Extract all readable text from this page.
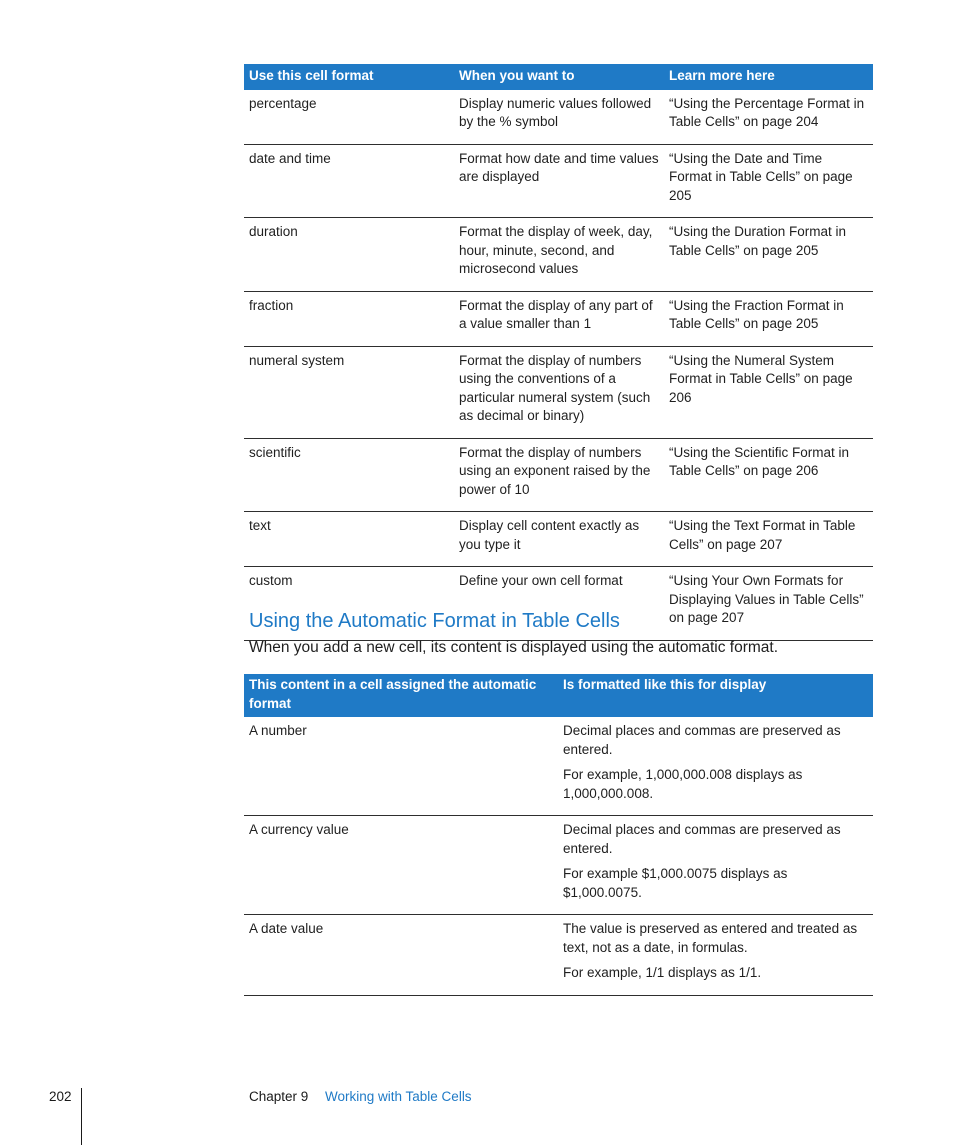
Use this cell format	When you want to	Learn more here
percentage	Display numeric values followed by the % symbol	“Using the Percentage Format in Table Cells” on page 204
date and time	Format how date and time values are displayed	“Using the Date and Time Format in Table Cells” on page 205
duration	Format the display of week, day, hour, minute, second, and microsecond values	“Using the Duration Format in Table Cells” on page 205
fraction	Format the display of any part of a value smaller than 1	“Using the Fraction Format in Table Cells” on page 205
numeral system	Format the display of numbers using the conventions of a particular numeral system (such as decimal or binary)	“Using the Numeral System Format in Table Cells” on page 206
scientific	Format the display of numbers using an exponent raised by the power of 10	“Using the Scientific Format in Table Cells” on page 206
text	Display cell content exactly as you type it	“Using the Text Format in Table Cells” on page 207
custom	Define your own cell format	“Using Your Own Formats for Displaying Values in Table Cells” on page 207
Using the Automatic Format in Table Cells

When you add a new cell, its content is displayed using the automatic format.

This content in a cell assigned the automatic format	Is formatted like this for display
A number	Decimal places and commas are preserved as entered.

For example, 1,000,000.008 displays as 1,000,000.008.

A currency value	Decimal places and commas are preserved as entered.

For example $1,000.0075 displays as $1,000.0075.

A date value	The value is preserved as entered and treated as text, not as a date, in formulas.

For example, 1/1 displays as 1/1.

202	Chapter 9 Working with Table Cells
